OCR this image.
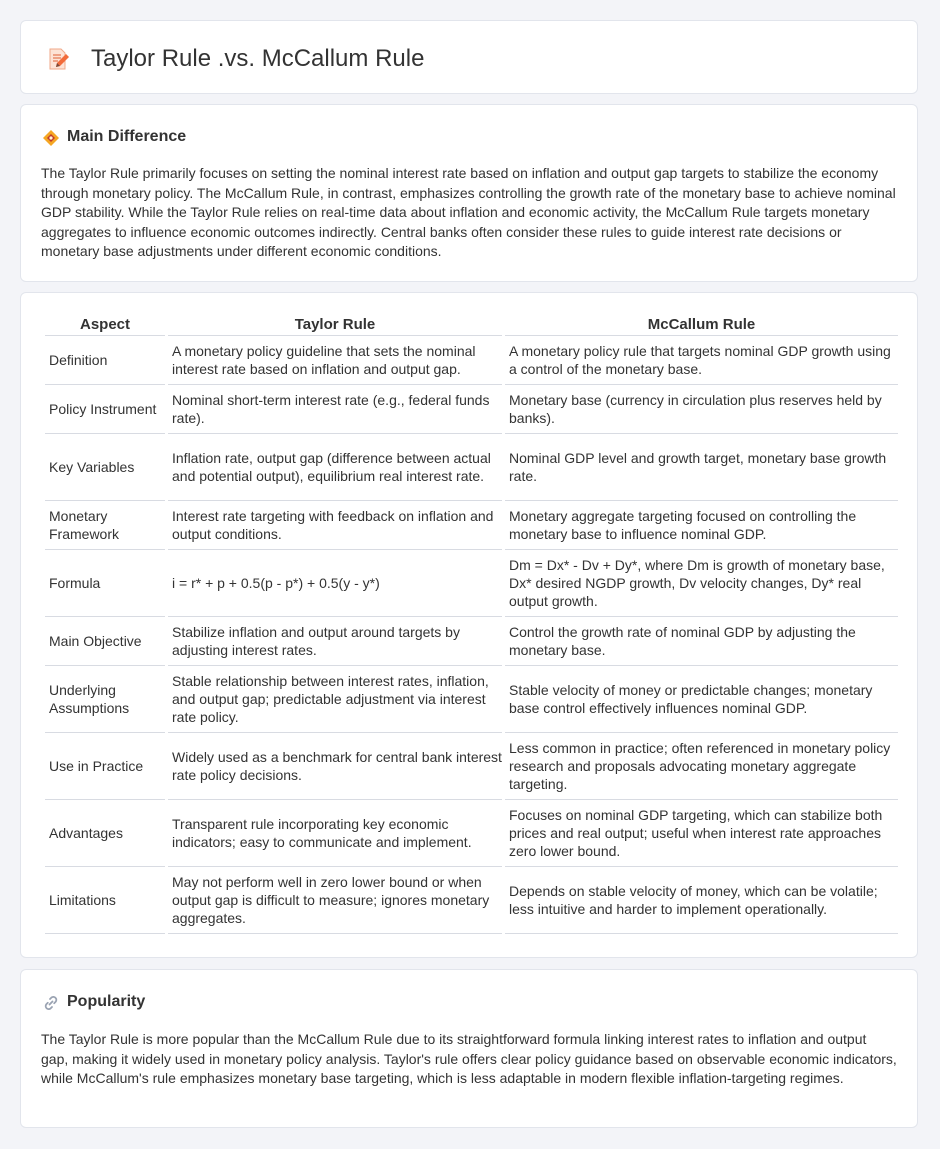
Taylor Rule .vs. McCallum Rule
Main Difference

The Taylor Rule primarily focuses on setting the nominal interest rate based on inflation and output gap targets to stabilize the economy through monetary policy. The McCallum Rule, in contrast, emphasizes controlling the growth rate of the monetary base to achieve nominal GDP stability. While the Taylor Rule relies on real-time data about inflation and economic activity, the McCallum Rule targets monetary aggregates to influence economic outcomes indirectly. Central banks often consider these rules to guide interest rate decisions or monetary base adjustments under different economic conditions.

Aspect	Taylor Rule	McCallum Rule
Definition	A monetary policy guideline that sets the nominal interest rate based on inflation and output gap.	A monetary policy rule that targets nominal GDP growth using a control of the monetary base.
Policy Instrument	Nominal short-term interest rate (e.g., federal funds rate).	Monetary base (currency in circulation plus reserves held by banks).
Key Variables	Inflation rate, output gap (difference between actual and potential output), equilibrium real interest rate.	Nominal GDP level and growth target, monetary base growth rate.
Monetary Framework	Interest rate targeting with feedback on inflation and output conditions.	Monetary aggregate targeting focused on controlling the monetary base to influence nominal GDP.
Formula	i = r* + p + 0.5(p - p*) + 0.5(y - y*)	Dm = Dx* - Dv + Dy*, where Dm is growth of monetary base, Dx* desired NGDP growth, Dv velocity changes, Dy* real output growth.
Main Objective	Stabilize inflation and output around targets by adjusting interest rates.	Control the growth rate of nominal GDP by adjusting the monetary base.
Underlying Assumptions	Stable relationship between interest rates, inflation, and output gap; predictable adjustment via interest rate policy.	Stable velocity of money or predictable changes; monetary base control effectively influences nominal GDP.
Use in Practice	Widely used as a benchmark for central bank interest rate policy decisions.	Less common in practice; often referenced in monetary policy research and proposals advocating monetary aggregate targeting.
Advantages	Transparent rule incorporating key economic indicators; easy to communicate and implement.	Focuses on nominal GDP targeting, which can stabilize both prices and real output; useful when interest rate approaches zero lower bound.
Limitations	May not perform well in zero lower bound or when output gap is difficult to measure; ignores monetary aggregates.	Depends on stable velocity of money, which can be volatile; less intuitive and harder to implement operationally.
Popularity

The Taylor Rule is more popular than the McCallum Rule due to its straightforward formula linking interest rates to inflation and output gap, making it widely used in monetary policy analysis. Taylor's rule offers clear policy guidance based on observable economic indicators, while McCallum's rule emphasizes monetary base targeting, which is less adaptable in modern flexible inflation-targeting regimes.
